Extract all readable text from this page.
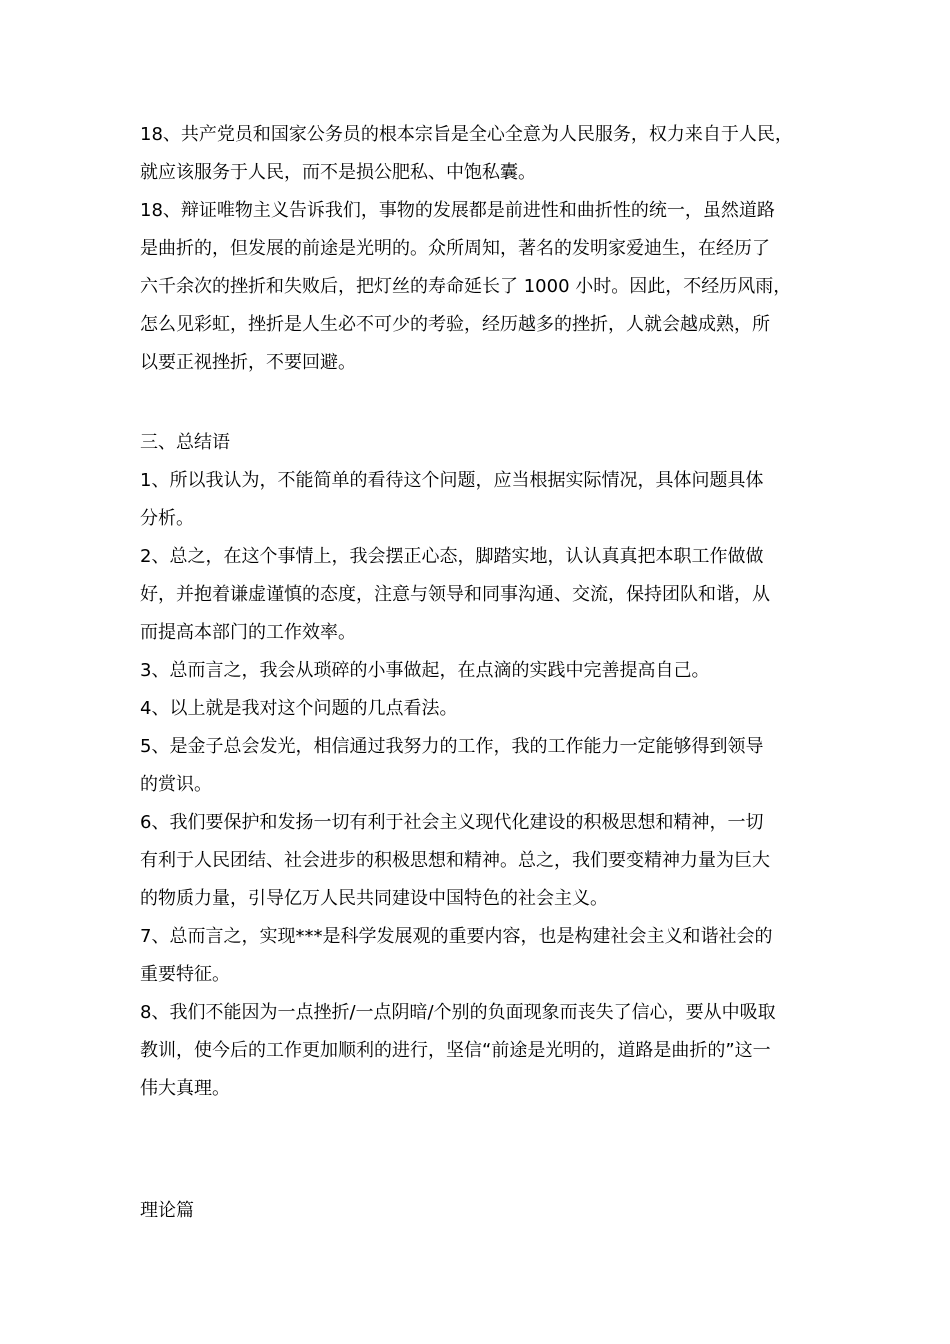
18、共产党员和国家公务员的根本宗旨是全心全意为人民服务，权力来自于人民，
就应该服务于人民，而不是损公肥私、中饱私囊。
18、辩证唯物主义告诉我们，事物的发展都是前进性和曲折性的统一，虽然道路
是曲折的，但发展的前途是光明的。众所周知，著名的发明家爱迪生，在经历了
六千余次的挫折和失败后，把灯丝的寿命延长了 1000 小时。因此，不经历风雨，
怎么见彩虹，挫折是人生必不可少的考验，经历越多的挫折，人就会越成熟，所
以要正视挫折，不要回避。
三、总结语
1、所以我认为，不能简单的看待这个问题，应当根据实际情况，具体问题具体
分析。
2、总之，在这个事情上，我会摆正心态，脚踏实地，认认真真把本职工作做做
好，并抱着谦虚谨慎的态度，注意与领导和同事沟通、交流，保持团队和谐，从
而提高本部门的工作效率。
3、总而言之，我会从琐碎的小事做起，在点滴的实践中完善提高自己。
4、以上就是我对这个问题的几点看法。
5、是金子总会发光，相信通过我努力的工作，我的工作能力一定能够得到领导
的赏识。
6、我们要保护和发扬一切有利于社会主义现代化建设的积极思想和精神，一切
有利于人民团结、社会进步的积极思想和精神。总之，我们要变精神力量为巨大
的物质力量，引导亿万人民共同建设中国特色的社会主义。
7、总而言之，实现***是科学发展观的重要内容，也是构建社会主义和谐社会的
重要特征。
8、我们不能因为一点挫折/一点阴暗/个别的负面现象而丧失了信心，要从中吸取
教训，使今后的工作更加顺利的进行，坚信“前途是光明的，道路是曲折的”这一
伟大真理。
理论篇
